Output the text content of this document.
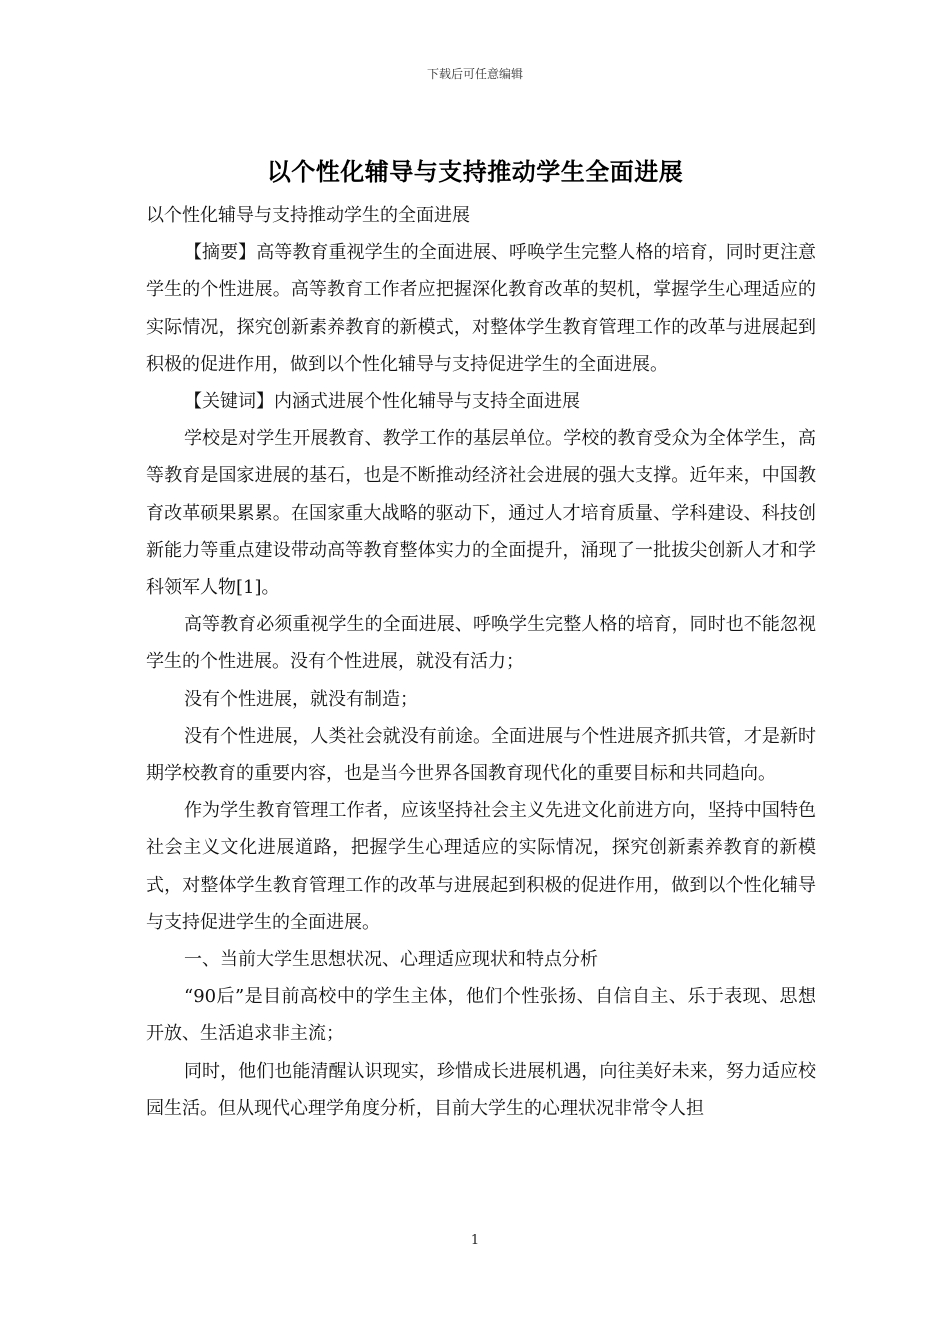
下载后可任意编辑
以个性化辅导与支持推动学生全面进展

以个性化辅导与支持推动学生的全面进展

【摘要】高等教育重视学生的全面进展、呼唤学生完整人格的培育，同时更注意学生的个性进展。高等教育工作者应把握深化教育改革的契机，掌握学生心理适应的实际情况，探究创新素养教育的新模式，对整体学生教育管理工作的改革与进展起到积极的促进作用，做到以个性化辅导与支持促进学生的全面进展。

【关键词】内涵式进展个性化辅导与支持全面进展

学校是对学生开展教育、教学工作的基层单位。学校的教育受众为全体学生，高等教育是国家进展的基石，也是不断推动经济社会进展的强大支撑。近年来，中国教育改革硕果累累。在国家重大战略的驱动下，通过人才培育质量、学科建设、科技创新能力等重点建设带动高等教育整体实力的全面提升，涌现了一批拔尖创新人才和学科领军人物[1]。

高等教育必须重视学生的全面进展、呼唤学生完整人格的培育，同时也不能忽视学生的个性进展。没有个性进展，就没有活力；

没有个性进展，就没有制造；

没有个性进展，人类社会就没有前途。全面进展与个性进展齐抓共管，才是新时期学校教育的重要内容，也是当今世界各国教育现代化的重要目标和共同趋向。

作为学生教育管理工作者，应该坚持社会主义先进文化前进方向，坚持中国特色社会主义文化进展道路，把握学生心理适应的实际情况，探究创新素养教育的新模式，对整体学生教育管理工作的改革与进展起到积极的促进作用，做到以个性化辅导与支持促进学生的全面进展。

一、当前大学生思想状况、心理适应现状和特点分析

“90后”是目前高校中的学生主体，他们个性张扬、自信自主、乐于表现、思想开放、生活追求非主流；

同时，他们也能清醒认识现实，珍惜成长进展机遇，向往美好未来，努力适应校园生活。但从现代心理学角度分析，目前大学生的心理状况非常令人担

1
